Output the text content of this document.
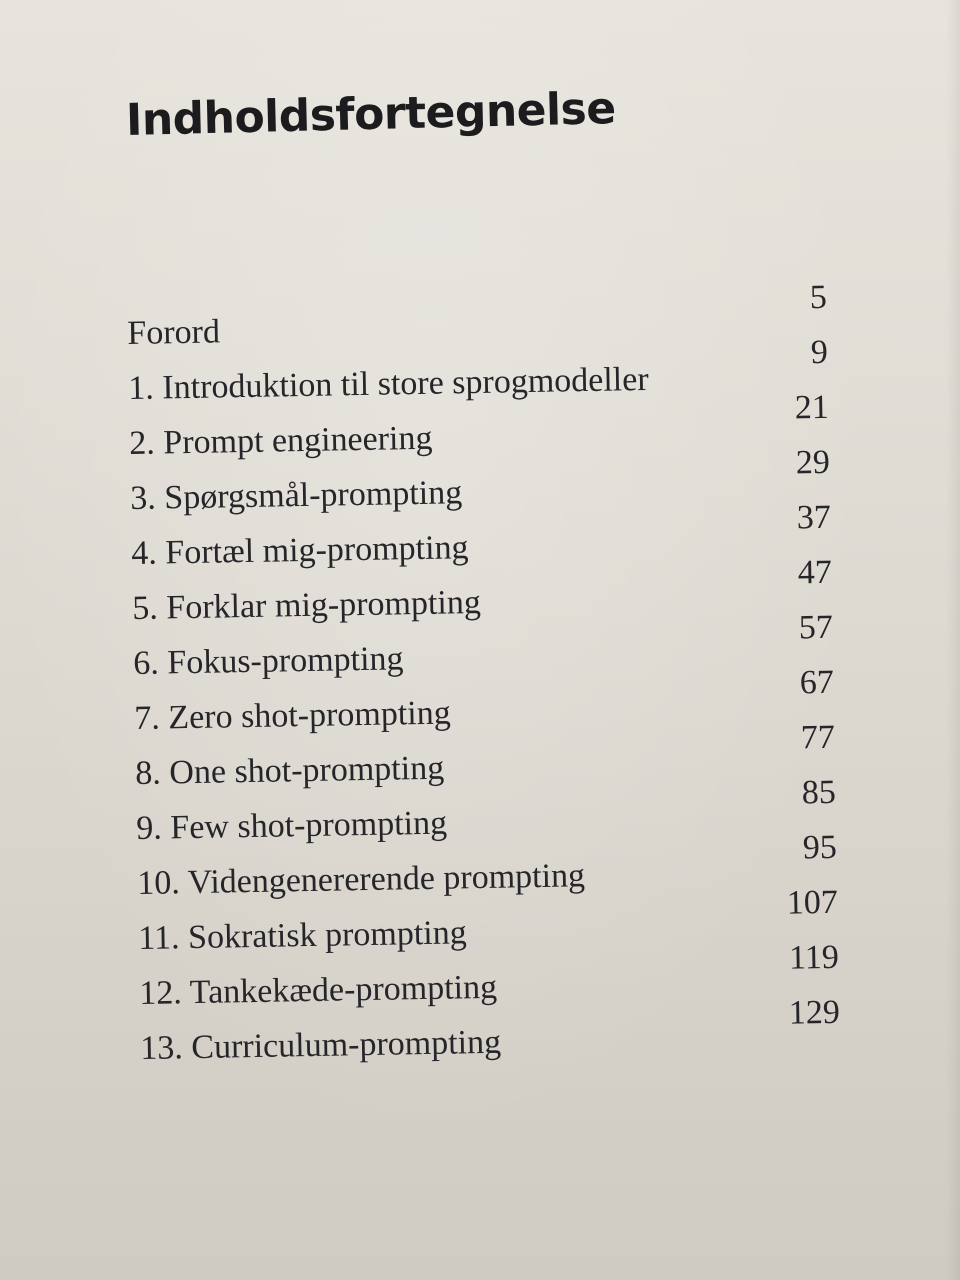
Indholdsfortegnelse
Forord
5
1. Introduktion til store sprogmodeller
9
2. Prompt engineering
21
3. Spørgsmål-prompting
29
4. Fortæl mig-prompting
37
5. Forklar mig-prompting
47
6. Fokus-prompting
57
7. Zero shot-prompting
67
8. One shot-prompting
77
9. Few shot-prompting
85
10. Videngenererende prompting
95
11. Sokratisk prompting
107
12. Tankekæde-prompting
119
13. Curriculum-prompting
129
